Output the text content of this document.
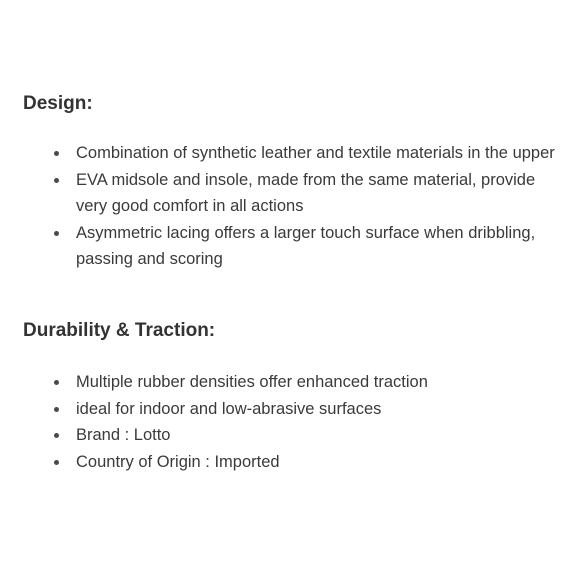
Design:
Combination of synthetic leather and textile materials in the upper
EVA midsole and insole, made from the same material, provide very good comfort in all actions
Asymmetric lacing offers a larger touch surface when dribbling, passing and scoring
Durability & Traction:
Multiple rubber densities offer enhanced traction
ideal for indoor and low-abrasive surfaces
Brand : Lotto
Country of Origin : Imported
